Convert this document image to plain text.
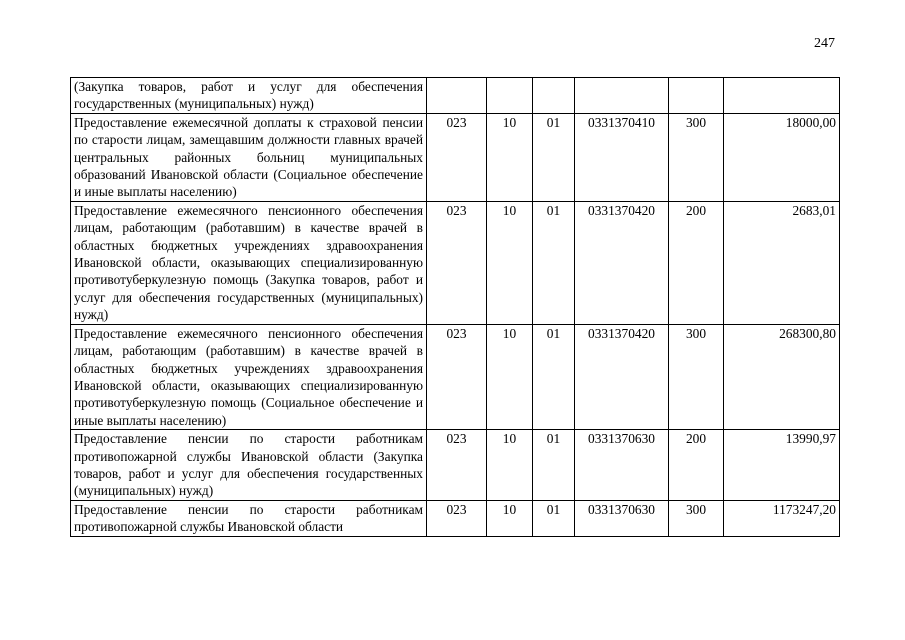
247
(Закупка товаров, работ и услуг для обеспечения государственных (муниципальных) нужд)						
Предоставление ежемесячной доплаты к страховой пенсии по старости лицам, замещавшим должности главных врачей центральных районных больниц муниципальных образований Ивановской области (Социальное обеспечение и иные выплаты населению)	023	10	01	0331370410	300	18000,00
Предоставление ежемесячного пенсионного обеспечения лицам, работающим (работавшим) в качестве врачей в областных бюджетных учреждениях здравоохранения Ивановской области, оказывающих специализированную противотуберкулезную помощь (Закупка товаров, работ и услуг для обеспечения государственных (муниципальных) нужд)	023	10	01	0331370420	200	2683,01
Предоставление ежемесячного пенсионного обеспечения лицам, работающим (работавшим) в качестве врачей в областных бюджетных учреждениях здравоохранения Ивановской области, оказывающих специализированную противотуберкулезную помощь (Социальное обеспечение и иные выплаты населению)	023	10	01	0331370420	300	268300,80
Предоставление пенсии по старости работникам противопожарной службы Ивановской области (Закупка товаров, работ и услуг для обеспечения государственных (муниципальных) нужд)	023	10	01	0331370630	200	13990,97
Предоставление пенсии по старости работникам противопожарной службы Ивановской области	023	10	01	0331370630	300	1173247,20
